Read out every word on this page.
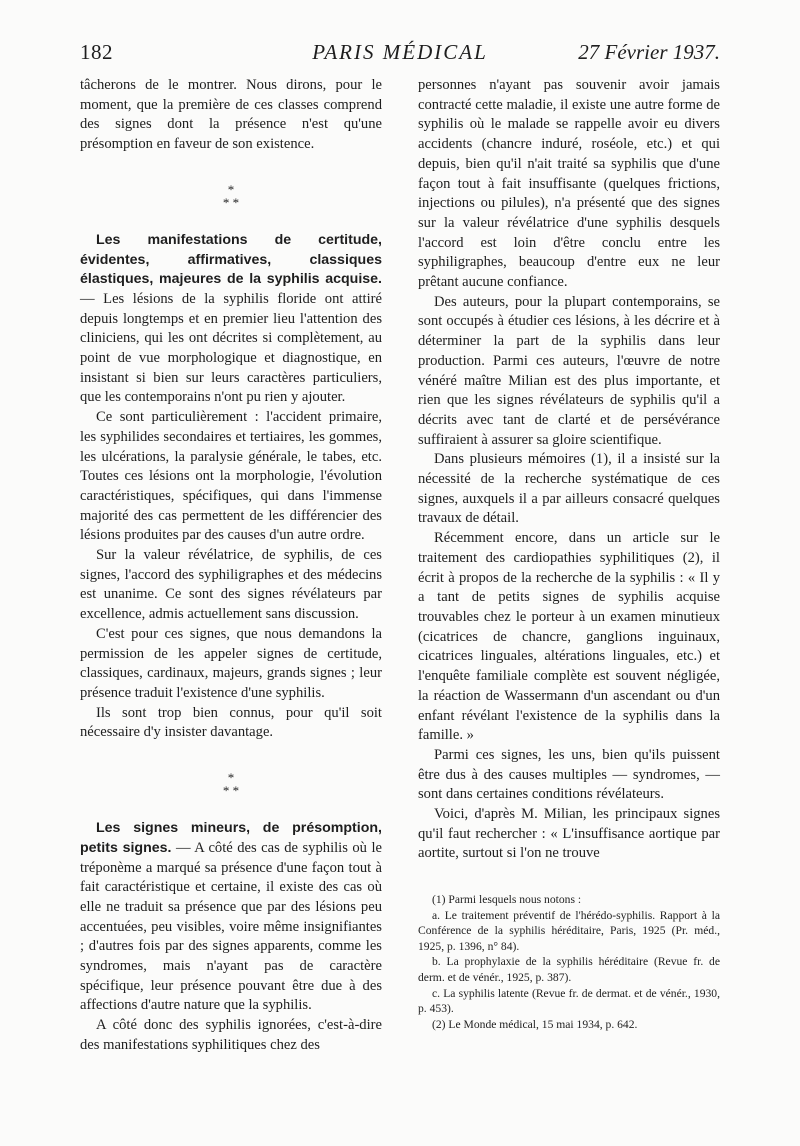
182	PARIS MÉDICAL	27 Février 1937.

tâcherons de le montrer. Nous dirons, pour le moment, que la première de ces classes comprend des signes dont la présence n'est qu'une présomption en faveur de son existence.

*
* *

Les manifestations de certitude, évidentes, affirmatives, classiques élastiques, majeures de la syphilis acquise. — Les lésions de la syphilis floride ont attiré depuis longtemps et en premier lieu l'attention des cliniciens, qui les ont décrites si complètement, au point de vue morphologique et diagnostique, en insistant si bien sur leurs caractères particuliers, que les contemporains n'ont pu rien y ajouter.

Ce sont particulièrement : l'accident primaire, les syphilides secondaires et tertiaires, les gommes, les ulcérations, la paralysie générale, le tabes, etc. Toutes ces lésions ont la morphologie, l'évolution caractéristiques, spécifiques, qui dans l'immense majorité des cas permettent de les différencier des lésions produites par des causes d'un autre ordre.

Sur la valeur révélatrice, de syphilis, de ces signes, l'accord des syphiligraphes et des médecins est unanime. Ce sont des signes révélateurs par excellence, admis actuellement sans discussion.

C'est pour ces signes, que nous demandons la permission de les appeler signes de certitude, classiques, cardinaux, majeurs, grands signes ; leur présence traduit l'existence d'une syphilis.

Ils sont trop bien connus, pour qu'il soit nécessaire d'y insister davantage.

*
* *

Les signes mineurs, de présomption, petits signes. — A côté des cas de syphilis où le tréponème a marqué sa présence d'une façon tout à fait caractéristique et certaine, il existe des cas où elle ne traduit sa présence que par des lésions peu accentuées, peu visibles, voire même insignifiantes ; d'autres fois par des signes apparents, comme les syndromes, mais n'ayant pas de caractère spécifique, leur présence pouvant être due à des affections d'autre nature que la syphilis.

A côté donc des syphilis ignorées, c'est-à-dire des manifestations syphilitiques chez des

personnes n'ayant pas souvenir avoir jamais contracté cette maladie, il existe une autre forme de syphilis où le malade se rappelle avoir eu divers accidents (chancre induré, roséole, etc.) et qui depuis, bien qu'il n'ait traité sa syphilis que d'une façon tout à fait insuffisante (quelques frictions, injections ou pilules), n'a présenté que des signes sur la valeur révélatrice d'une syphilis desquels l'accord est loin d'être conclu entre les syphiligraphes, beaucoup d'entre eux ne leur prêtant aucune confiance.

Des auteurs, pour la plupart contemporains, se sont occupés à étudier ces lésions, à les décrire et à déterminer la part de la syphilis dans leur production. Parmi ces auteurs, l'œuvre de notre vénéré maître Milian est des plus importante, et rien que les signes révélateurs de syphilis qu'il a décrits avec tant de clarté et de persévérance suffiraient à assurer sa gloire scientifique.

Dans plusieurs mémoires (1), il a insisté sur la nécessité de la recherche systématique de ces signes, auxquels il a par ailleurs consacré quelques travaux de détail.

Récemment encore, dans un article sur le traitement des cardiopathies syphilitiques (2), il écrit à propos de la recherche de la syphilis : « Il y a tant de petits signes de syphilis acquise trouvables chez le porteur à un examen minutieux (cicatrices de chancre, ganglions inguinaux, cicatrices linguales, altérations linguales, etc.) et l'enquête familiale complète est souvent négligée, la réaction de Wassermann d'un ascendant ou d'un enfant révélant l'existence de la syphilis dans la famille. »

Parmi ces signes, les uns, bien qu'ils puissent être dus à des causes multiples — syndromes, — sont dans certaines conditions révélateurs.

Voici, d'après M. Milian, les principaux signes qu'il faut rechercher : « L'insuffisance aortique par aortite, surtout si l'on ne trouve

(1) Parmi lesquels nous notons :

a. Le traitement préventif de l'hérédo-syphilis. Rapport à la Conférence de la syphilis héréditaire, Paris, 1925 (Pr. méd., 1925, p. 1396, n° 84).

b. La prophylaxie de la syphilis héréditaire (Revue fr. de derm. et de vénér., 1925, p. 387).

c. La syphilis latente (Revue fr. de dermat. et de vénér., 1930, p. 453).

(2) Le Monde médical, 15 mai 1934, p. 642.
